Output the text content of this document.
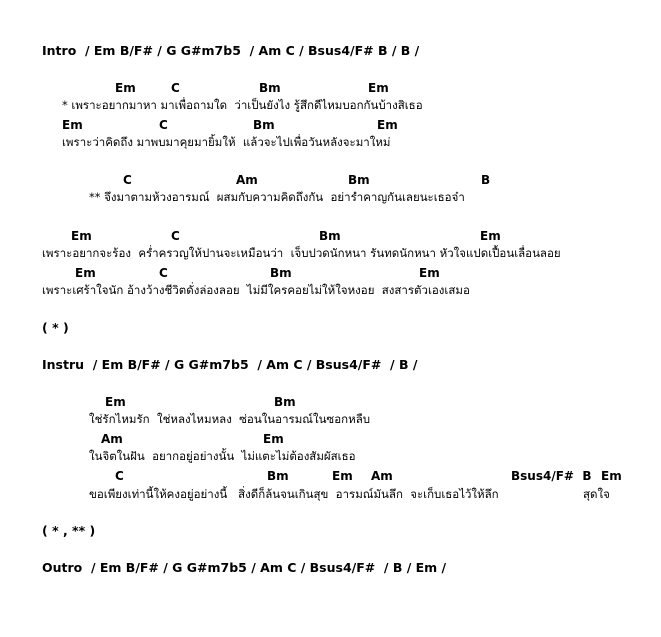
Intro  / Em B/F# / G G#m7b5  / Am C / Bsus4/F# B / B /
Em	C	Bm	Em
* เพราะอยากมาหา มาเพื่อถามใด  ว่าเป็นยังไง รู้สึกดีไหมบอกกันบ้างสิเธอ
Em	C	Bm	Em
เพราะว่าคิดถึง มาพบมาคุยมายิ้มให้  แล้วจะไปเพื่อวันหลังจะมาใหม่
C	Am	Bm	B
** จึงมาตามห้วงอารมณ์  ผสมกับความคิดถึงกัน  อย่ารำคาญกันเลยนะเธอจ๋า
Em	C	Bm	Em
เพราะอยากจะร้อง  คร่ำครวญให้ปานจะเหมือนว่า  เจ็บปวดนักหนา รันทดนักหนา หัวใจแปดเปื้อนเลื่อนลอย
Em	C	Bm	Em
เพราะเศร้าใจนัก อ้างว้างชีวิตดั่งล่องลอย  ไม่มีใครคอยไม่ให้ใจหงอย  สงสารตัวเองเสมอ
( * )
Instru  / Em B/F# / G G#m7b5  / Am C / Bsus4/F#  / B /
Em	Bm
ใช่รักไหมรัก  ใช่หลงไหมหลง  ซ่อนในอารมณ์ในซอกหลืบ
Am	Em
ในจิตในฝัน  อยากอยู่อย่างนั้น  ไม่แตะไม่ต้องสัมผัสเธอ
C	Bm	Em Am	Bsus4/F#  B Em
ขอเพียงเท่านี้ให้คงอยู่อย่างนี้   สิ่งดีก็ล้นจนเกินสุข  อารมณ์มันลึก  จะเก็บเธอไว้ให้ลึก	สุดใจ
( * , ** )
Outro  / Em B/F# / G G#m7b5 / Am C / Bsus4/F#  / B / Em /
